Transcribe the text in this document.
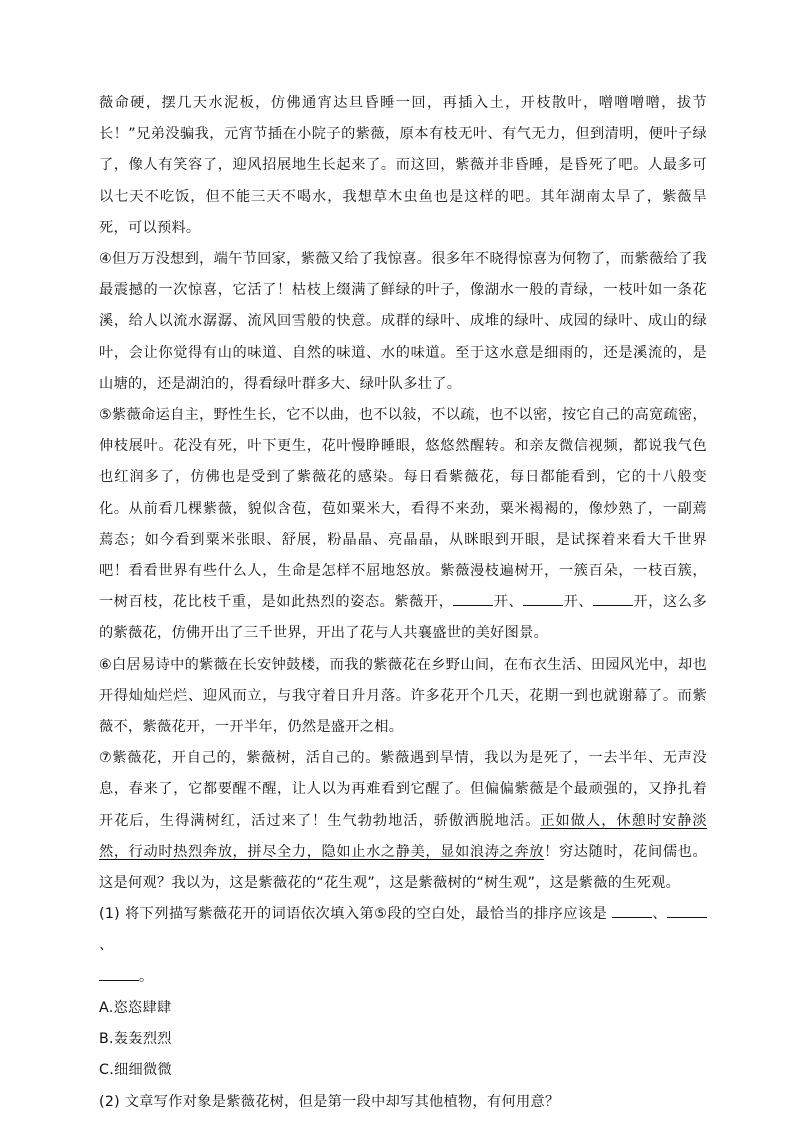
薇命硬，摆几天水泥板，仿佛通宵达旦昏睡一回，再插入土，开枝散叶，噌噌噌噌，拔节长！”兄弟没骗我，元宵节插在小院子的紫薇，原本有枝无叶、有气无力，但到清明，便叶子绿了，像人有笑容了，迎风招展地生长起来了。而这回，紫薇并非昏睡，是昏死了吧。人最多可以七天不吃饭，但不能三天不喝水，我想草木虫鱼也是这样的吧。其年湖南太旱了，紫薇旱死，可以预料。

④但万万没想到，端午节回家，紫薇又给了我惊喜。很多年不晓得惊喜为何物了，而紫薇给了我最震撼的一次惊喜，它活了！枯枝上缀满了鲜绿的叶子，像湖水一般的青绿，一枝叶如一条花溪，给人以流水潺潺、流风回雪般的快意。成群的绿叶、成堆的绿叶、成园的绿叶、成山的绿叶，会让你觉得有山的味道、自然的味道、水的味道。至于这水意是细雨的，还是溪流的，是山塘的，还是湖泊的，得看绿叶群多大、绿叶队多壮了。

⑤紫薇命运自主，野性生长，它不以曲，也不以敍，不以疏，也不以密，按它自己的高宽疏密，伸枝展叶。花没有死，叶下更生，花叶慢睁睡眼，悠悠然醒转。和亲友微信视频，都说我气色也红润多了，仿佛也是受到了紫薇花的感染。每日看紫薇花，每日都能看到，它的十八般变化。从前看几棵紫薇，貌似含苞，苞如粟米大，看得不来劲，粟米褐褐的，像炒熟了，一副蔫蔫态；如今看到粟米张眼、舒展，粉晶晶、亮晶晶，从眯眼到开眼，是试探着来看大千世界吧！看看世界有些什么人，生命是怎样不屈地怒放。紫薇漫枝遍树开，一簇百朵，一枝百簇，一树百枝，花比枝千重，是如此热烈的姿态。紫薇开，	开、	开、	开，这么多的紫薇花，仿佛开出了三千世界，开出了花与人共襄盛世的美好图景。

⑥白居易诗中的紫薇在长安钟鼓楼，而我的紫薇花在乡野山间，在布衣生活、田园风光中，却也开得灿灿烂烂、迎风而立，与我守着日升月落。许多花开个几天，花期一到也就谢幕了。而紫薇不，紫薇花开，一开半年，仍然是盛开之相。

⑦紫薇花，开自己的，紫薇树，活自己的。紫薇遇到旱情，我以为是死了，一去半年、无声没息，春来了，它都要醒不醒，让人以为再难看到它醒了。但偏偏紫薇是个最顽强的，又挣扎着开花后，生得满树红，活过来了！生气勃勃地活，骄傲洒脱地活。正如做人，休憩时安静淡然，行动时热烈奔放，拼尽全力，隐如止水之静美，显如浪涛之奔放！穷达随时，花间儒也。这是何观？我以为，这是紫薇花的“花生观”，这是紫薇树的“树生观”，这是紫薇的生死观。

(1) 将下列描写紫薇花开的词语依次填入第⑤段的空白处，最恰当的排序应该是	、、
。

A.恣恣肆肆

B.轰轰烈烈

C.细细微微

(2) 文章写作对象是紫薇花树，但是第一段中却写其他植物，有何用意？
